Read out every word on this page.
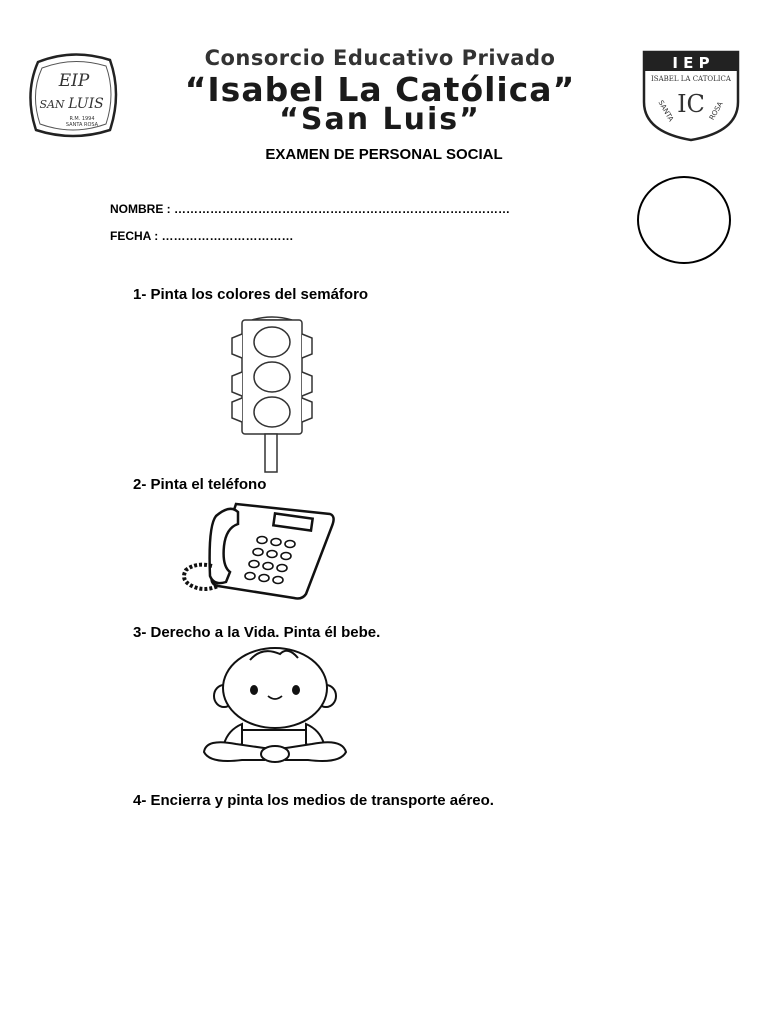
EIP
SAN LUIS
R.M. 1994
SANTA ROSA
Consorcio Educativo Privado
“Isabel La Católica”
“San Luis”
I E P
ISABEL LA CATOLICA
IC
SANTA	ROSA
EXAMEN DE PERSONAL SOCIAL
NOMBRE : …………………………………………………………………………
FECHA : ……………………………
1- Pinta los colores del semáforo
2- Pinta el teléfono
3- Derecho a la Vida. Pinta él bebe.
4- Encierra y pinta los medios de transporte aéreo.
